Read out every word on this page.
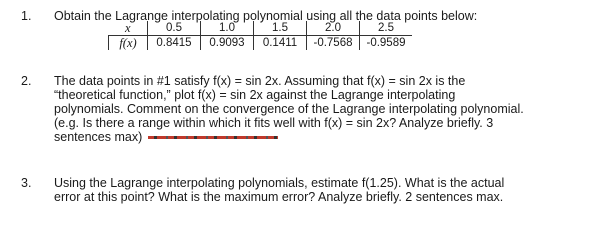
1. Obtain the Lagrange interpolating polynomial using all the data points below:
x	0.5	1.0	1.5	2.0	2.5
f(x)	0.8415	0.9093	0.1411	-0.7568	-0.9589
2. The data points in #1 satisfy f(x) = sin 2x. Assuming that f(x) = sin 2x is the
“theoretical function,” plot f(x) = sin 2x against the Lagrange interpolating
polynomials. Comment on the convergence of the Lagrange interpolating polynomial.
(e.g. Is there a range within which it fits well with f(x) = sin 2x? Analyze briefly. 3
sentences max)
3. Using the Lagrange interpolating polynomials, estimate f(1.25). What is the actual
error at this point? What is the maximum error? Analyze briefly. 2 sentences max.
